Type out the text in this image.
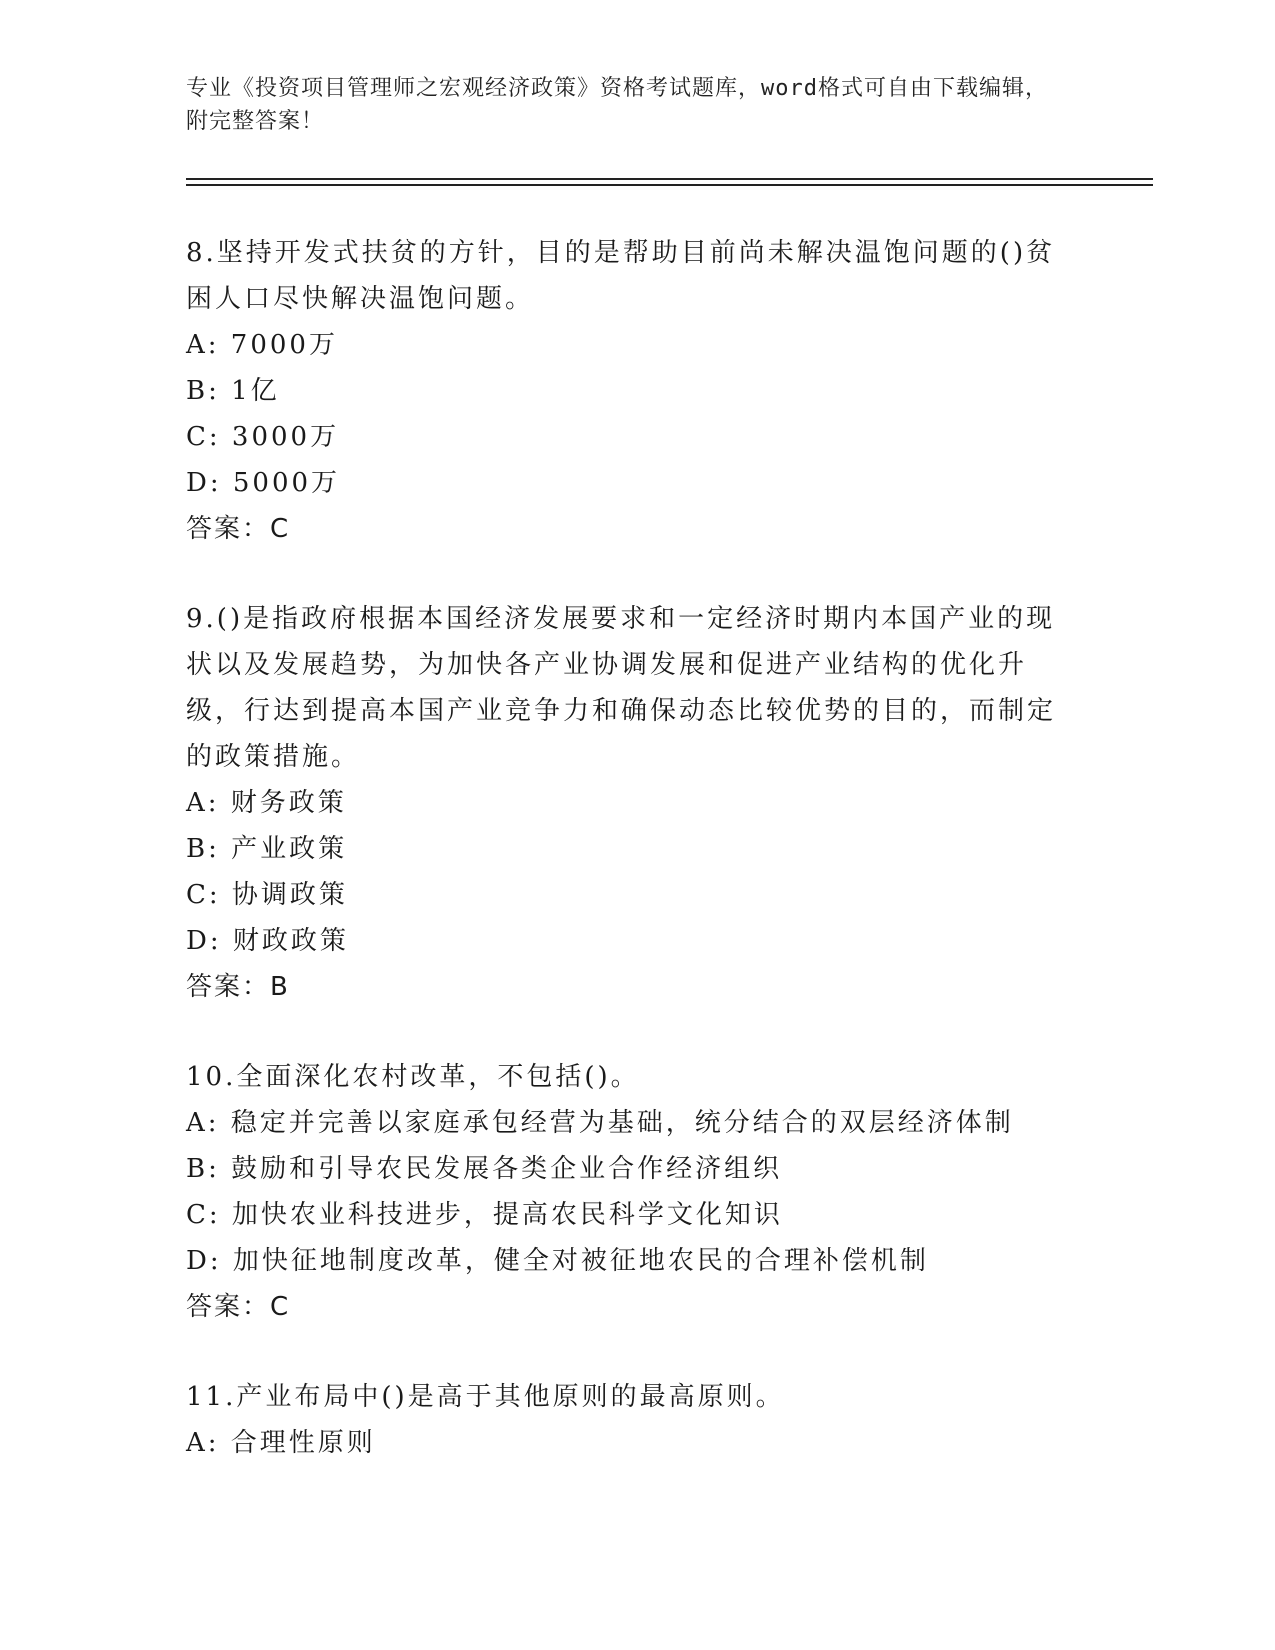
专业《投资项目管理师之宏观经济政策》资格考试题库，word格式可自由下载编辑，附完整答案！

8.坚持开发式扶贫的方针，目的是帮助目前尚未解决温饱问题的()贫困人口尽快解决温饱问题。

A: 7000万

B: 1亿

C: 3000万

D: 5000万

答案：C

9.()是指政府根据本国经济发展要求和一定经济时期内本国产业的现状以及发展趋势，为加快各产业协调发展和促进产业结构的优化升级，行达到提高本国产业竞争力和确保动态比较优势的目的，而制定的政策措施。

A: 财务政策

B: 产业政策

C: 协调政策

D: 财政政策

答案：B

10.全面深化农村改革，不包括()。

A: 稳定并完善以家庭承包经营为基础，统分结合的双层经济体制

B: 鼓励和引导农民发展各类企业合作经济组织

C: 加快农业科技进步，提高农民科学文化知识

D: 加快征地制度改革，健全对被征地农民的合理补偿机制

答案：C

11.产业布局中()是高于其他原则的最高原则。

A: 合理性原则
